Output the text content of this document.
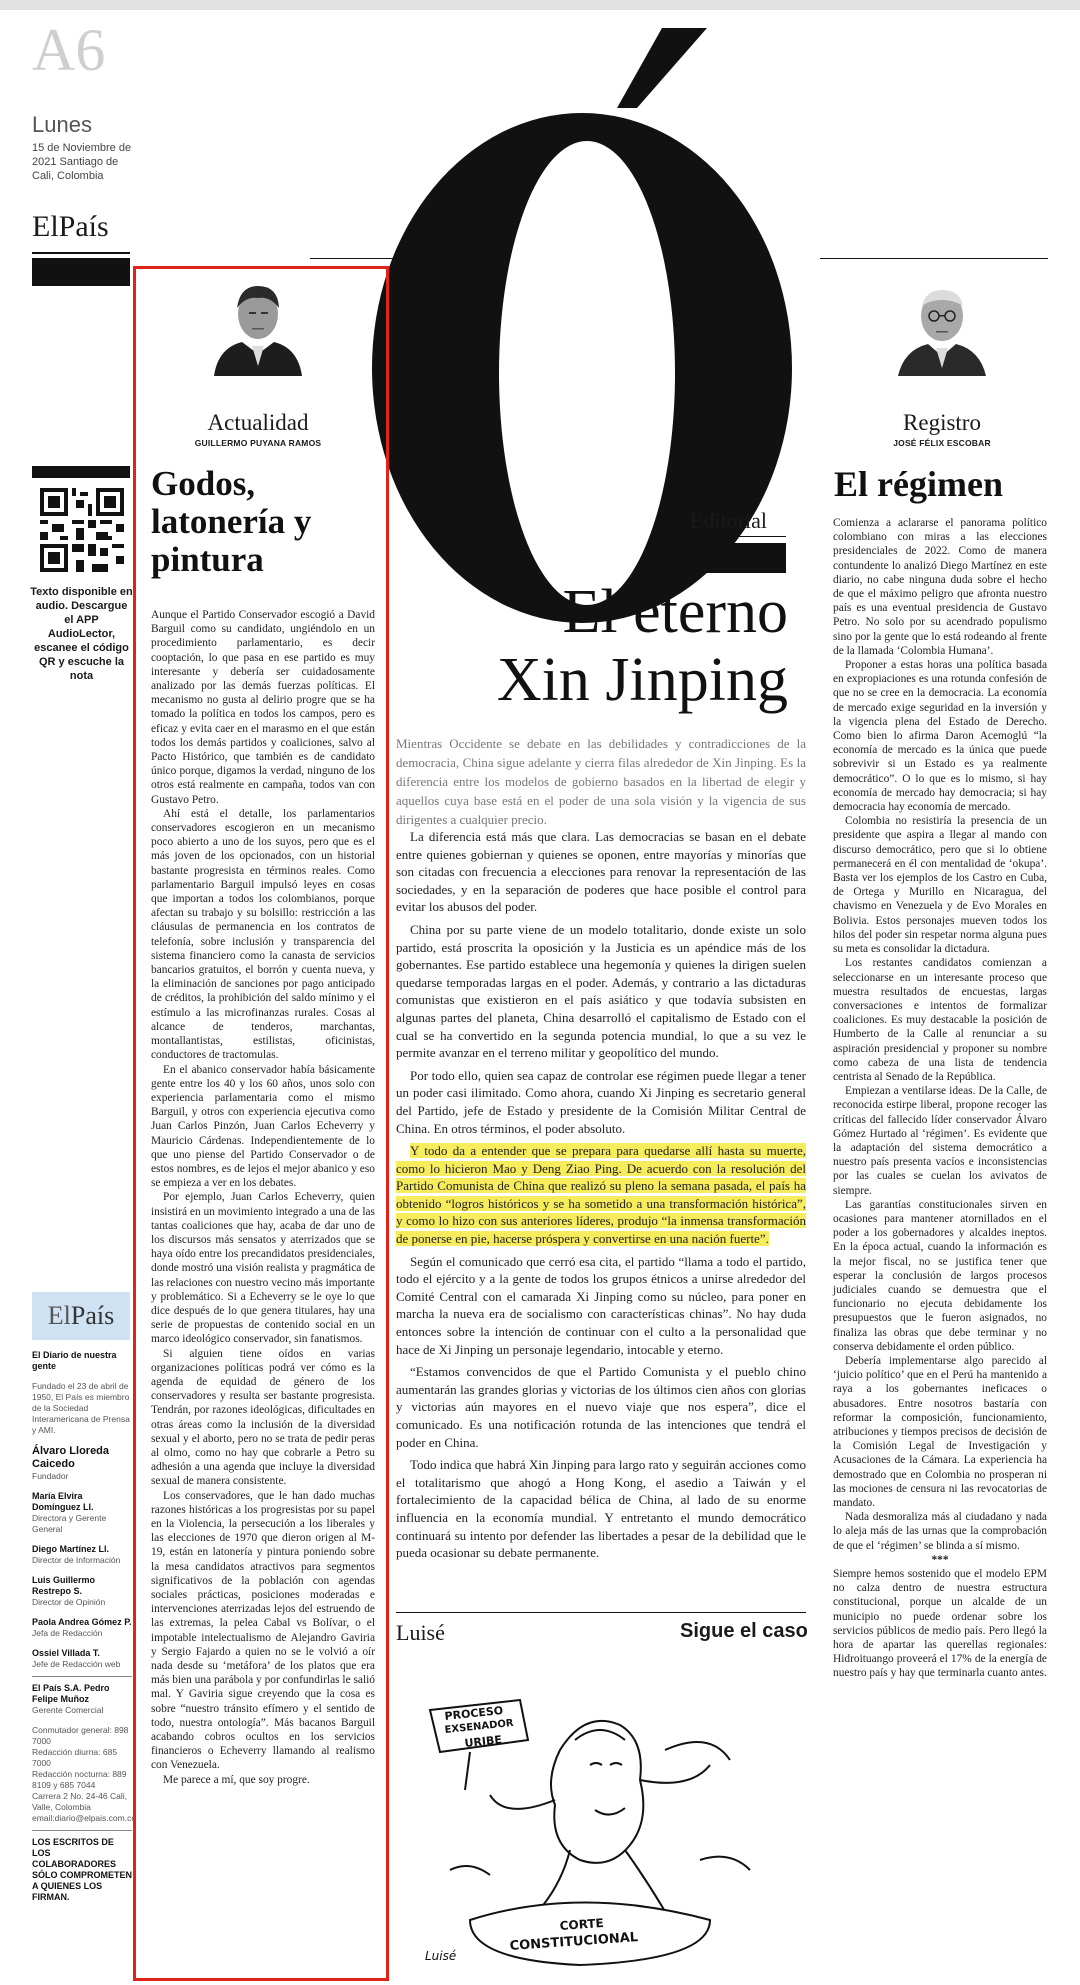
A6
Lunes
15 de Noviembre de 2021 Santiago de Cali, Colombia
ElPaís
Texto disponible en audio. Descargue el APP AudioLector, escanee el código QR y escuche la nota
El País
El Diario de nuestra gente
Fundado el 23 de abril de 1950, El País es miembro de la Sociedad Interamericana de Prensa y AMI.
Álvaro Lloreda Caicedo
Fundador
María Elvira Domínguez Ll.
Directora y Gerente General
Diego Martínez Ll.
Director de Información
Luis Guillermo Restrepo S.
Director de Opinión
Paola Andrea Gómez P.
Jefa de Redacción
Ossiel Villada T.
Jefe de Redacción web
El País S.A. Pedro Felipe Muñoz
Gerente Comercial
Conmutador general: 898 7000
Redacción diurna: 685 7000
Redacción nocturna: 889 8109 y 685 7044
Carrera 2 No. 24-46 Cali, Valle, Colombia
email:diario@elpais.com.co
LOS ESCRITOS DE LOS COLABORADORES SÓLO COMPROMETEN A QUIENES LOS FIRMAN.
Actualidad
GUILLERMO PUYANA RAMOS
Godos, latonería y pintura

Aunque el Partido Conservador escogió a David Barguil como su candidato, ungiéndolo en un procedimiento parlamentario, es decir cooptación, lo que pasa en ese partido es muy interesante y debería ser cuidadosamente analizado por las demás fuerzas políticas. El mecanismo no gusta al delirio progre que se ha tomado la política en todos los campos, pero es eficaz y evita caer en el marasmo en el que están todos los demás partidos y coaliciones, salvo al Pacto Histórico, que también es de candidato único porque, digamos la verdad, ninguno de los otros está realmente en campaña, todos van con Gustavo Petro.

Ahí está el detalle, los parlamentarios conservadores escogieron en un mecanismo poco abierto a uno de los suyos, pero que es el más joven de los opcionados, con un historial bastante progresista en términos reales. Como parlamentario Barguil impulsó leyes en cosas que importan a todos los colombianos, porque afectan su trabajo y su bolsillo: restricción a las cláusulas de permanencia en los contratos de telefonía, sobre inclusión y transparencia del sistema financiero como la canasta de servicios bancarios gratuitos, el borrón y cuenta nueva, y la eliminación de sanciones por pago anticipado de créditos, la prohibición del saldo mínimo y el estímulo a las microfinanzas rurales. Cosas al alcance de tenderos, marchantas, montallantistas, estilistas, oficinistas, conductores de tractomulas.

En el abanico conservador había básicamente gente entre los 40 y los 60 años, unos solo con experiencia parlamentaria como el mismo Barguil, y otros con experiencia ejecutiva como Juan Carlos Pinzón, Juan Carlos Echeverry y Mauricio Cárdenas. Independientemente de lo que uno piense del Partido Conservador o de estos nombres, es de lejos el mejor abanico y eso se empieza a ver en los debates.

Por ejemplo, Juan Carlos Echeverry, quien insistirá en un movimiento integrado a una de las tantas coaliciones que hay, acaba de dar uno de los discursos más sensatos y aterrizados que se haya oído entre los precandidatos presidenciales, donde mostró una visión realista y pragmática de las relaciones con nuestro vecino más importante y problemático. Si a Echeverry se le oye lo que dice después de lo que genera titulares, hay una serie de propuestas de contenido social en un marco ideológico conservador, sin fanatismos.

Si alguien tiene oídos en varias organizaciones políticas podrá ver cómo es la agenda de equidad de género de los conservadores y resulta ser bastante progresista. Tendrán, por razones ideológicas, dificultades en otras áreas como la inclusión de la diversidad sexual y el aborto, pero no se trata de pedir peras al olmo, como no hay que cobrarle a Petro su adhesión a una agenda que incluye la diversidad sexual de manera consistente.

Los conservadores, que le han dado muchas razones históricas a los progresistas por su papel en la Violencia, la persecución a los liberales y las elecciones de 1970 que dieron origen al M-19, están en latonería y pintura poniendo sobre la mesa candidatos atractivos para segmentos significativos de la población con agendas sociales prácticas, posiciones moderadas e intervenciones aterrizadas lejos del estruendo de las extremas, la pelea Cabal vs Bolívar, o el impotable intelectualismo de Alejandro Gaviria y Sergio Fajardo a quien no se le volvió a oír nada desde su ‘metáfora’ de los platos que era más bien una parábola y por confundirlas le salió mal. Y Gaviria sigue creyendo que la cosa es sobre “nuestro tránsito efímero y el sentido de todo, nuestra ontología”. Más bacanos Barguil acabando cobros ocultos en los servicios financieros o Echeverry llamando al realismo con Venezuela.

Me parece a mí, que soy progre.

Editorial
El eterno
Xin Jinping
Mientras Occidente se debate en las debilidades y contradicciones de la democracia, China sigue adelante y cierra filas alrededor de Xin Jinping. Es la diferencia entre los modelos de gobierno basados en la libertad de elegir y aquellos cuya base está en el poder de una sola visión y la vigencia de sus dirigentes a cualquier precio.

La diferencia está más que clara. Las democracias se basan en el debate entre quienes gobiernan y quienes se oponen, entre mayorías y minorías que son citadas con frecuencia a elecciones para renovar la representación de las sociedades, y en la separación de poderes que hace posible el control para evitar los abusos del poder.

China por su parte viene de un modelo totalitario, donde existe un solo partido, está proscrita la oposición y la Justicia es un apéndice más de los gobernantes. Ese partido establece una hegemonía y quienes la dirigen suelen quedarse temporadas largas en el poder. Además, y contrario a las dictaduras comunistas que existieron en el país asiático y que todavía subsisten en algunas partes del planeta, China desarrolló el capitalismo de Estado con el cual se ha convertido en la segunda potencia mundial, lo que a su vez le permite avanzar en el terreno militar y geopolítico del mundo.

Por todo ello, quien sea capaz de controlar ese régimen puede llegar a tener un poder casi ilimitado. Como ahora, cuando Xi Jinping es secretario general del Partido, jefe de Estado y presidente de la Comisión Militar Central de China. En otros términos, el poder absoluto.

Y todo da a entender que se prepara para quedarse allí hasta su muerte, como lo hicieron Mao y Deng Ziao Ping. De acuerdo con la resolución del Partido Comunista de China que realizó su pleno la semana pasada, el país ha obtenido “logros históricos y se ha sometido a una transformación histórica”, y como lo hizo con sus anteriores líderes, produjo “la inmensa transformación de ponerse en pie, hacerse próspera y convertirse en una nación fuerte”.

Según el comunicado que cerró esa cita, el partido “llama a todo el partido, todo el ejército y a la gente de todos los grupos étnicos a unirse alrededor del Comité Central con el camarada Xi Jinping como su núcleo, para poner en marcha la nueva era de socialismo con características chinas”. No hay duda entonces sobre la intención de continuar con el culto a la personalidad que hace de Xi Jinping un personaje legendario, intocable y eterno.

“Estamos convencidos de que el Partido Comunista y el pueblo chino aumentarán las grandes glorias y victorias de los últimos cien años con glorias y victorias aún mayores en el nuevo viaje que nos espera”, dice el comunicado. Es una notificación rotunda de las intenciones que tendrá el poder en China.

Todo indica que habrá Xin Jinping para largo rato y seguirán acciones como el totalitarismo que ahogó a Hong Kong, el asedio a Taiwán y el fortalecimiento de la capacidad bélica de China, al lado de su enorme influencia en la economía mundial. Y entretanto el mundo democrático continuará su intento por defender las libertades a pesar de la debilidad que le pueda ocasionar su debate permanente.

Luisé	Sigue el caso
PROCESO
EXSENADOR
URIBE
CORTE
CONSTITUCIONAL
Luisé
Registro
JOSÉ FÉLIX ESCOBAR
El régimen

Comienza a aclararse el panorama político colombiano con miras a las elecciones presidenciales de 2022. Como de manera contundente lo analizó Diego Martínez en este diario, no cabe ninguna duda sobre el hecho de que el máximo peligro que afronta nuestro país es una eventual presidencia de Gustavo Petro. No solo por su acendrado populismo sino por la gente que lo está rodeando al frente de la llamada ‘Colombia Humana’.

Proponer a estas horas una política basada en expropiaciones es una rotunda confesión de que no se cree en la democracia. La economía de mercado exige seguridad en la inversión y la vigencia plena del Estado de Derecho. Como bien lo afirma Daron Acemoglú “la economía de mercado es la única que puede sobrevivir si un Estado es ya realmente democrático”. O lo que es lo mismo, si hay economía de mercado hay democracia; si hay democracia hay economía de mercado.

Colombia no resistiría la presencia de un presidente que aspira a llegar al mando con discurso democrático, pero que si lo obtiene permanecerá en él con mentalidad de ‘okupa’. Basta ver los ejemplos de los Castro en Cuba, de Ortega y Murillo en Nicaragua, del chavismo en Venezuela y de Evo Morales en Bolivia. Estos personajes mueven todos los hilos del poder sin respetar norma alguna pues su meta es consolidar la dictadura.

Los restantes candidatos comienzan a seleccionarse en un interesante proceso que muestra resultados de encuestas, largas conversaciones e intentos de formalizar coaliciones. Es muy destacable la posición de Humberto de la Calle al renunciar a su aspiración presidencial y proponer su nombre como cabeza de una lista de tendencia centrista al Senado de la República.

Empiezan a ventilarse ideas. De la Calle, de reconocida estirpe liberal, propone recoger las críticas del fallecido líder conservador Álvaro Gómez Hurtado al ‘régimen’. Es evidente que la adaptación del sistema democrático a nuestro país presenta vacíos e inconsistencias por las cuales se cuelan los avivatos de siempre.

Las garantías constitucionales sirven en ocasiones para mantener atornillados en el poder a los gobernadores y alcaldes ineptos. En la época actual, cuando la información es la mejor fiscal, no se justifica tener que esperar la conclusión de largos procesos judiciales cuando se demuestra que el funcionario no ejecuta debidamente los presupuestos que le fueron asignados, no finaliza las obras que debe terminar y no conserva debidamente el orden público.

Debería implementarse algo parecido al ‘juicio político’ que en el Perú ha mantenido a raya a los gobernantes ineficaces o abusadores. Entre nosotros bastaría con reformar la composición, funcionamiento, atribuciones y tiempos precisos de decisión de la Comisión Legal de Investigación y Acusaciones de la Cámara. La experiencia ha demostrado que en Colombia no prosperan ni las mociones de censura ni las revocatorias de mandato.

Nada desmoraliza más al ciudadano y nada lo aleja más de las urnas que la comprobación de que el ‘régimen’ se blinda a sí mismo.

***

Siempre hemos sostenido que el modelo EPM no calza dentro de nuestra estructura constitucional, porque un alcalde de un municipio no puede ordenar sobre los servicios públicos de medio país. Pero llegó la hora de apartar las querellas regionales: Hidroituango proveerá el 17% de la energía de nuestro país y hay que terminarla cuanto antes.
